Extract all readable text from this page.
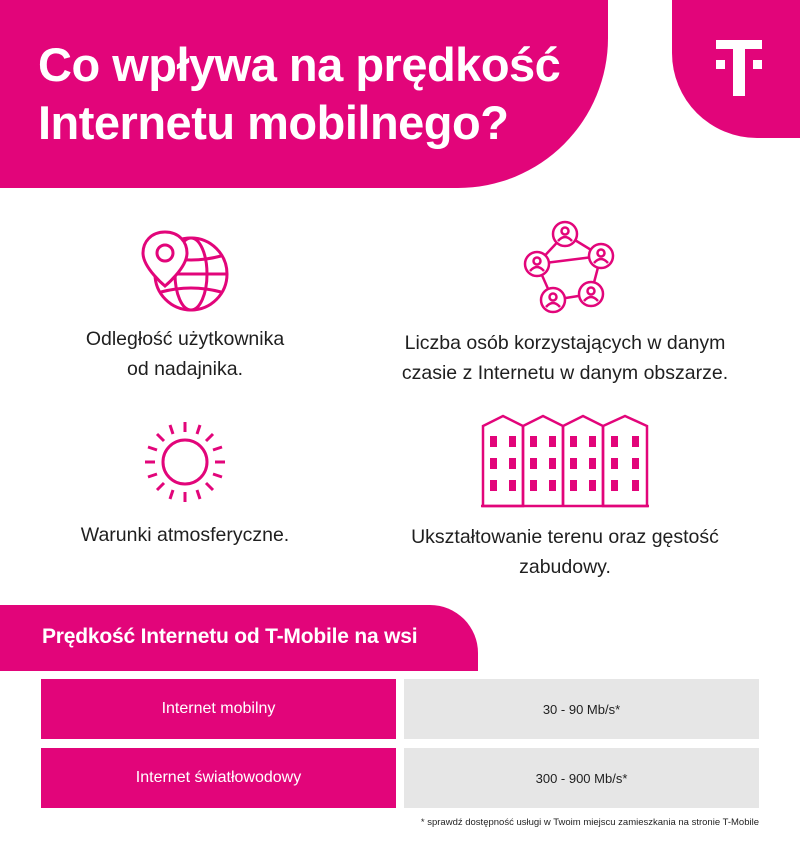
Co wpływa na prędkość
Internetu mobilnego?
Odległość użytkownika
od nadajnika.
Liczba osób korzystających w danym
czasie z Internetu w danym obszarze.
Warunki atmosferyczne.	Ukształtowanie terenu oraz gęstość
zabudowy.
Prędkość Internetu od T-Mobile na wsi
Internet mobilny	30 - 90 Mb/s*
Internet światłowodowy	300 - 900 Mb/s*
* sprawdź dostępność usługi w Twoim miejscu zamieszkania na stronie T-Mobile
